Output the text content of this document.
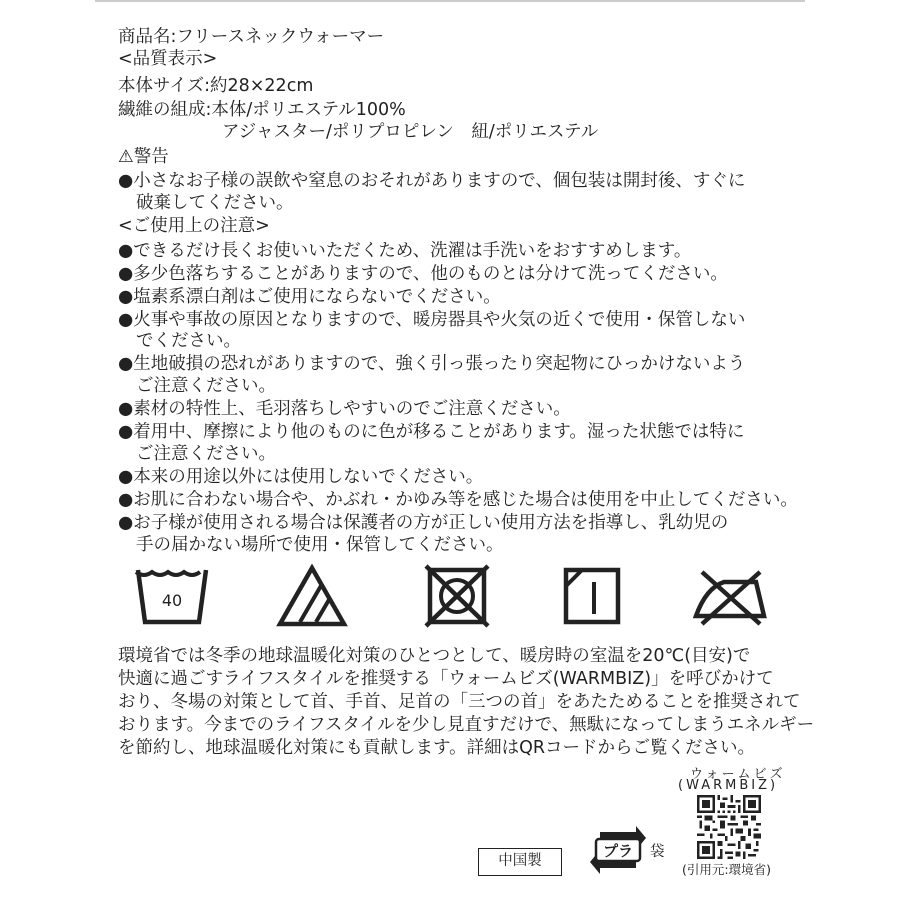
商品名:フリースネックウォーマー
<品質表示>
本体サイズ:約28×22cm
繊維の組成:本体/ポリエステル100%
アジャスター/ポリプロピレン　紐/ポリエステル
⚠警告
●小さなお子様の誤飲や窒息のおそれがありますので、個包装は開封後、すぐに
破棄してください。
<ご使用上の注意>
●できるだけ長くお使いいただくため、洗濯は手洗いをおすすめします。
●多少色落ちすることがありますので、他のものとは分けて洗ってください。
●塩素系漂白剤はご使用にならないでください。
●火事や事故の原因となりますので、暖房器具や火気の近くで使用・保管しない
でください。
●生地破損の恐れがありますので、強く引っ張ったり突起物にひっかけないよう
ご注意ください。
●素材の特性上、毛羽落ちしやすいのでご注意ください。
●着用中、摩擦により他のものに色が移ることがあります。湿った状態では特に
ご注意ください。
●本来の用途以外には使用しないでください。
●お肌に合わない場合や、かぶれ・かゆみ等を感じた場合は使用を中止してください。
●お子様が使用される場合は保護者の方が正しい使用方法を指導し、乳幼児の
手の届かない場所で使用・保管してください。
40
環境省では冬季の地球温暖化対策のひとつとして、暖房時の室温を20℃(目安)で
快適に過ごすライフスタイルを推奨する「ウォームビズ(WARMBIZ)」を呼びかけて
おり、冬場の対策として首、手首、足首の「三つの首」をあたためることを推奨されて
おります。今までのライフスタイルを少し見直すだけで、無駄になってしまうエネルギー
を節約し、地球温暖化対策にも貢献します。詳細はQRコードからご覧ください。
ウォームビズ
(WARMBIZ)
中国製
プラ 袋
(引用元:環境省)
